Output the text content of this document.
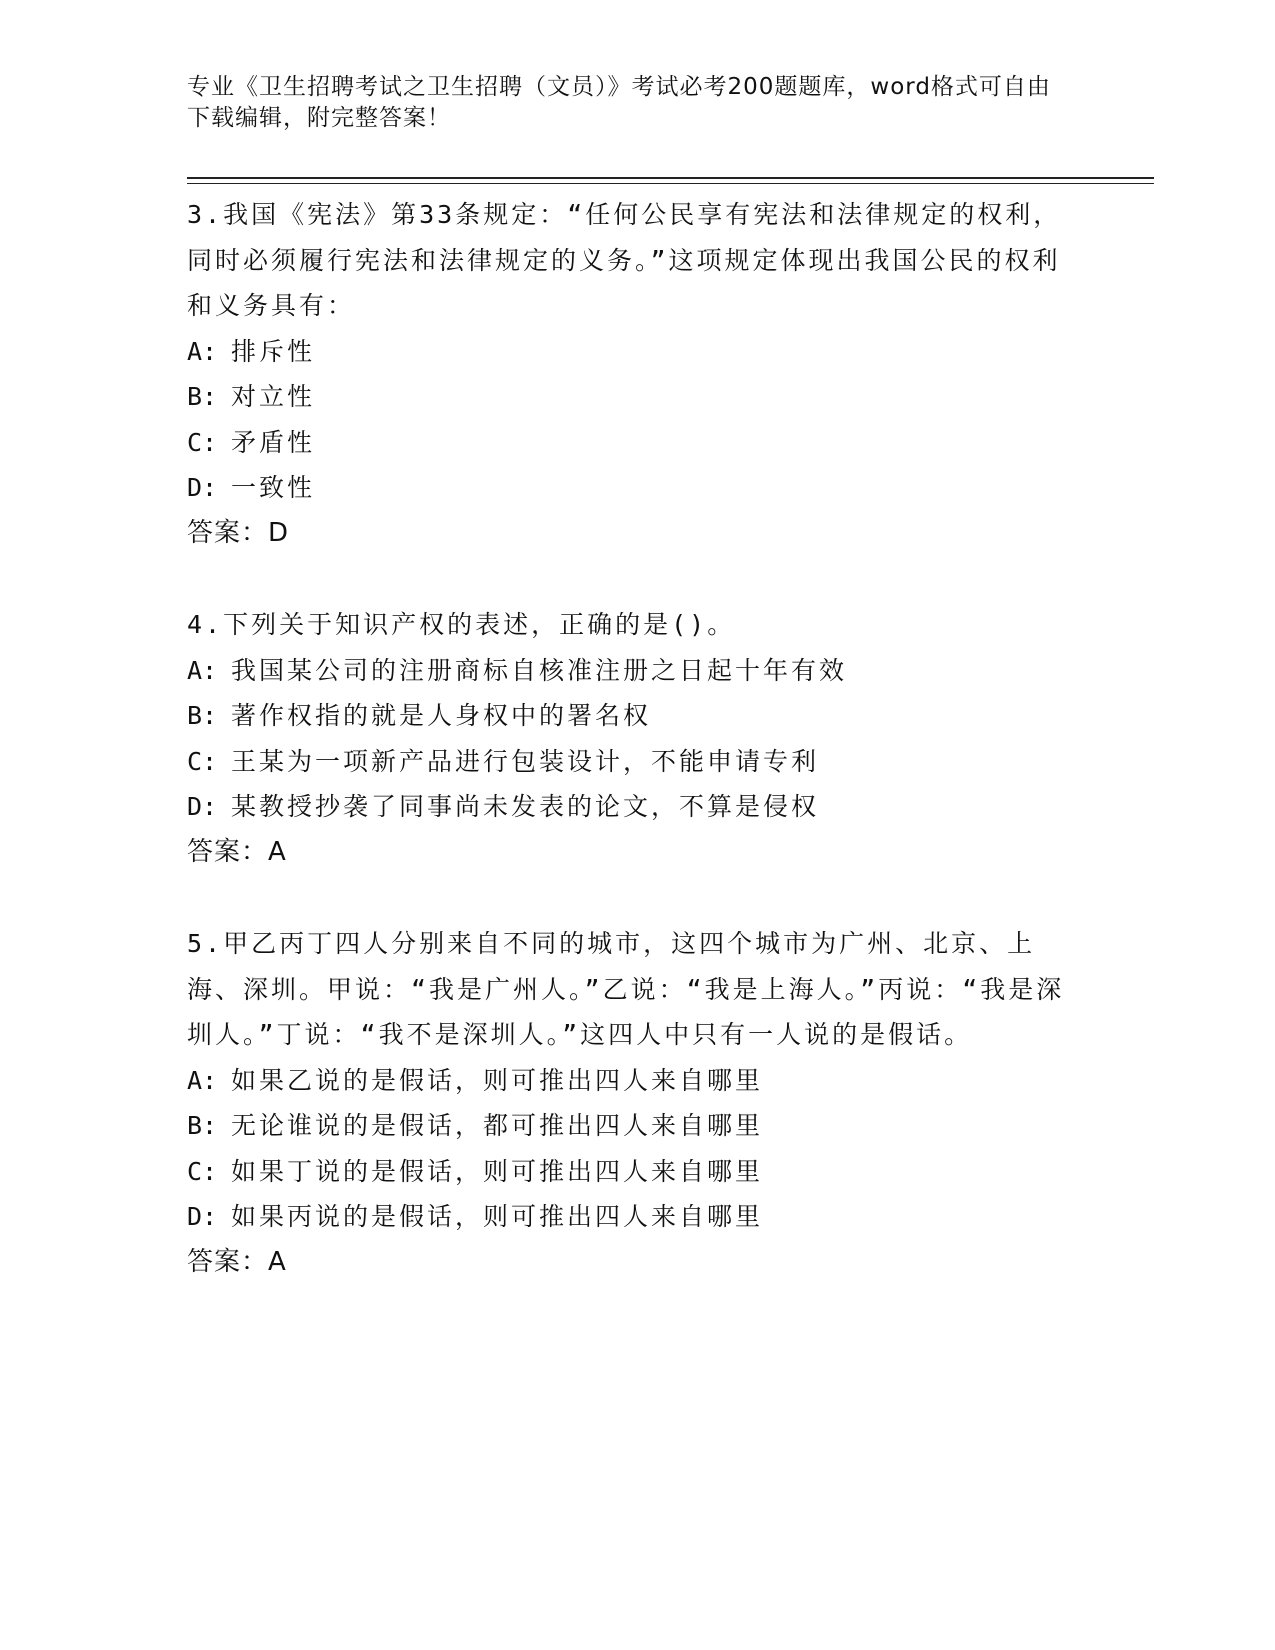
专业《卫生招聘考试之卫生招聘（文员）》考试必考200题题库，word格式可自由下载编辑，附完整答案！
3.我国《宪法》第33条规定：“任何公民享有宪法和法律规定的权利，同时必须履行宪法和法律规定的义务。”这项规定体现出我国公民的权利和义务具有：
A: 排斥性
B: 对立性
C: 矛盾性
D: 一致性
答案：D
4.下列关于知识产权的表述，正确的是()。
A: 我国某公司的注册商标自核准注册之日起十年有效
B: 著作权指的就是人身权中的署名权
C: 王某为一项新产品进行包装设计，不能申请专利
D: 某教授抄袭了同事尚未发表的论文，不算是侵权
答案：A
5.甲乙丙丁四人分别来自不同的城市，这四个城市为广州、北京、上海、深圳。甲说：“我是广州人。”乙说：“我是上海人。”丙说：“我是深圳人。”丁说：“我不是深圳人。”这四人中只有一人说的是假话。
A: 如果乙说的是假话，则可推出四人来自哪里
B: 无论谁说的是假话，都可推出四人来自哪里
C: 如果丁说的是假话，则可推出四人来自哪里
D: 如果丙说的是假话，则可推出四人来自哪里
答案：A
